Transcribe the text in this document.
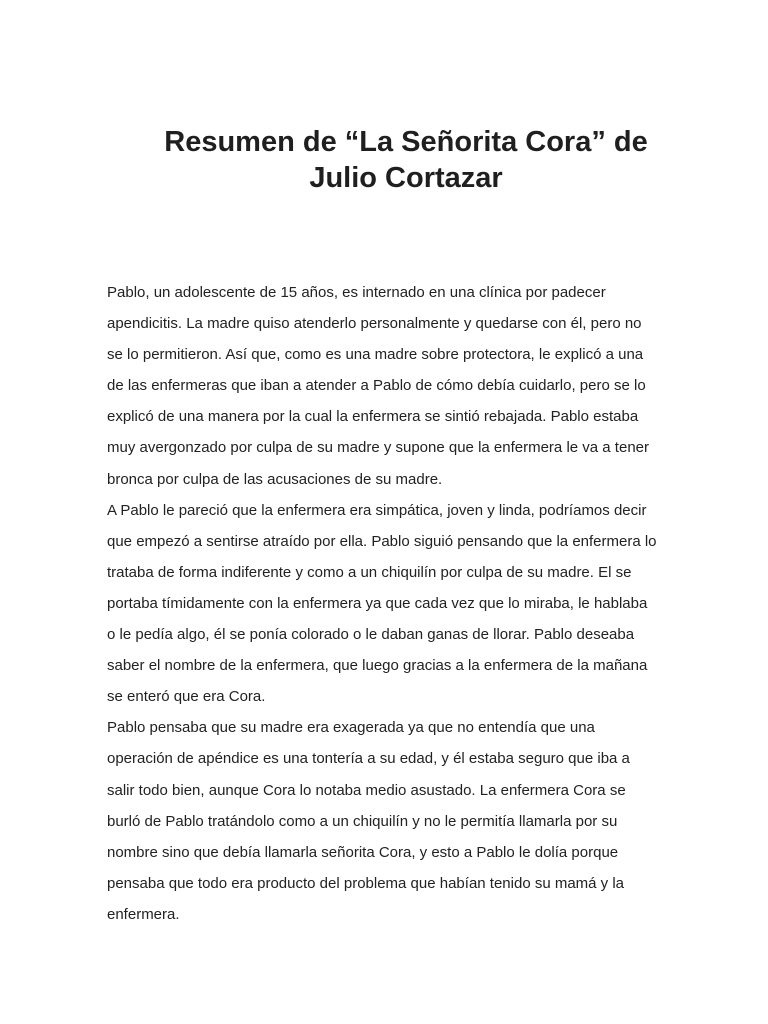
Resumen de “La Señorita Cora” de
Julio Cortazar
Pablo, un adolescente de 15 años, es internado en una clínica por padecer
apendicitis. La madre quiso atenderlo personalmente y quedarse con él, pero no
se lo permitieron. Así que, como es una madre sobre protectora, le explicó a una
de las enfermeras que iban a atender a Pablo de cómo debía cuidarlo, pero se lo
explicó de una manera por la cual la enfermera se sintió rebajada. Pablo estaba
muy avergonzado por culpa de su madre y supone que la enfermera le va a tener
bronca por culpa de las acusaciones de su madre.
A Pablo le pareció que la enfermera era simpática, joven y linda, podríamos decir
que empezó a sentirse atraído por ella. Pablo siguió pensando que la enfermera lo
trataba de forma indiferente y como a un chiquilín por culpa de su madre. El se
portaba tímidamente con la enfermera ya que cada vez que lo miraba, le hablaba
o le pedía algo, él se ponía colorado o le daban ganas de llorar. Pablo deseaba
saber el nombre de la enfermera, que luego gracias a la enfermera de la mañana
se enteró que era Cora.
Pablo pensaba que su madre era exagerada ya que no entendía que una
operación de apéndice es una tontería a su edad, y él estaba seguro que iba a
salir todo bien, aunque Cora lo notaba medio asustado. La enfermera Cora se
burló de Pablo tratándolo como a un chiquilín y no le permitía llamarla por su
nombre sino que debía llamarla señorita Cora, y esto a Pablo le dolía porque
pensaba que todo era producto del problema que habían tenido su mamá y la
enfermera.
